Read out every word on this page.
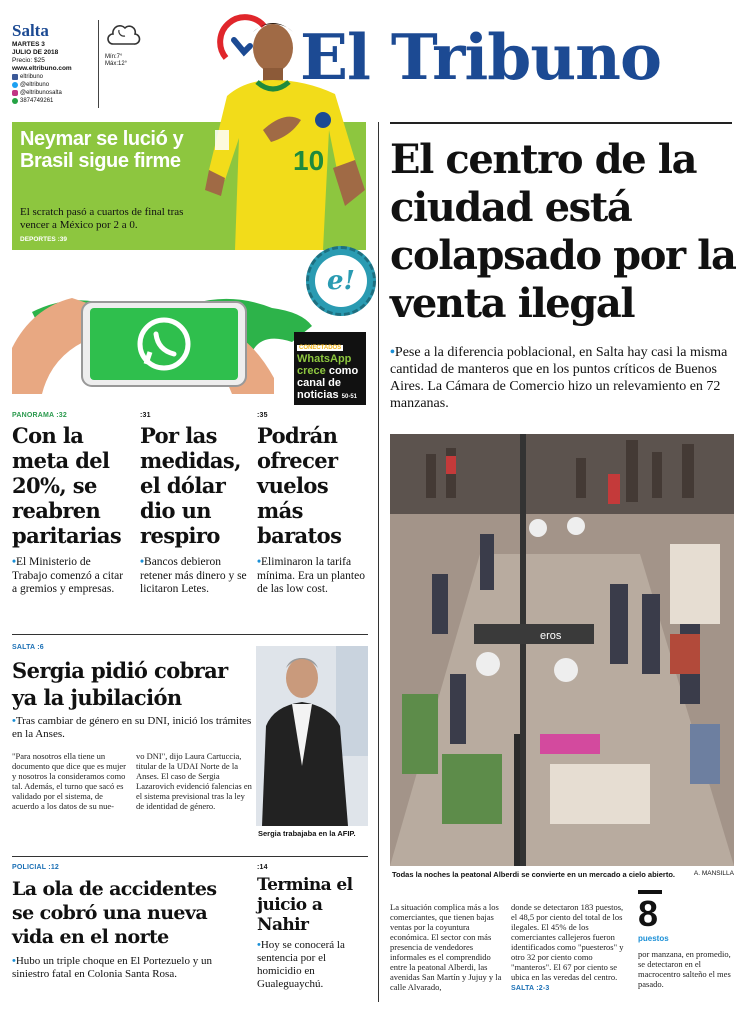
Salta
MARTES 3
JULIO DE 2018
Precio: $25
www.eltribuno.com
eltribuno
@eltribuno
@eltribunosalta
3874749261
Mín:7°
Máx:12°	El Tribuno
Neymar se lució y Brasil sigue firme
El scratch pasó a cuartos de final tras vencer a México por 2 a 0.
DEPORTES :39
10
CONECTADOS
WhatsApp crece como canal de noticias 50-51
e!
PANORAMA :32
Con la meta del 20%, se reabren paritarias
•El Ministerio de Trabajo comenzó a citar a gremios y empresas.
:31
Por las medidas, el dólar dio un respiro
•Bancos debieron retener más dinero y se licitaron Letes.
:35
Podrán ofrecer vuelos más baratos
•Eliminaron la tarifa mínima. Era un planteo de las low cost.
SALTA :6
Sergia pidió cobrar ya la jubilación
•Tras cambiar de género en su DNI, inició los trámites en la Anses.
"Para nosotros ella tiene un documento que dice que es mujer y nosotros la consideramos como tal. Además, el turno que sacó es validado por el sistema, de acuerdo a los datos de su nue-
vo DNI", dijo Laura Cartuccia, titular de la UDAI Norte de la Anses. El caso de Sergia Lazarovich evidenció falencias en el sistema previsional tras la ley de identidad de género.
Sergia trabajaba en la AFIP.
POLICIAL :12
La ola de accidentes se cobró una nueva vida en el norte
•Hubo un triple choque en El Portezuelo y un siniestro fatal en Colonia Santa Rosa.
:14
Termina el juicio a Nahir
•Hoy se conocerá la sentencia por el homicidio en Gualeguaychú.
El centro de la ciudad está colapsado por la venta ilegal
•Pese a la diferencia poblacional, en Salta hay casi la misma cantidad de manteros que en los puntos críticos de Buenos Aires. La Cámara de Comercio hizo un relevamiento en 72 manzanas.
eros
Todas la noches la peatonal Alberdi se convierte en un mercado a cielo abierto.	A. MANSILLA
La situación complica más a los comerciantes, que tienen bajas ventas por la coyuntura económica. El sector con más presencia de vendedores informales es el comprendido entre la peatonal Alberdi, las avenidas San Martín y Jujuy y la calle Alvarado,
donde se detectaron 183 puestos, el 48,5 por ciento del total de los ilegales. El 45% de los comerciantes callejeros fueron identificados como "puesteros" y otro 32 por ciento como "manteros". El 67 por ciento se ubica en las veredas del centro.
SALTA :2-3
8
puestos
por manzana, en promedio, se detectaron en el macrocentro salteño el mes pasado.
